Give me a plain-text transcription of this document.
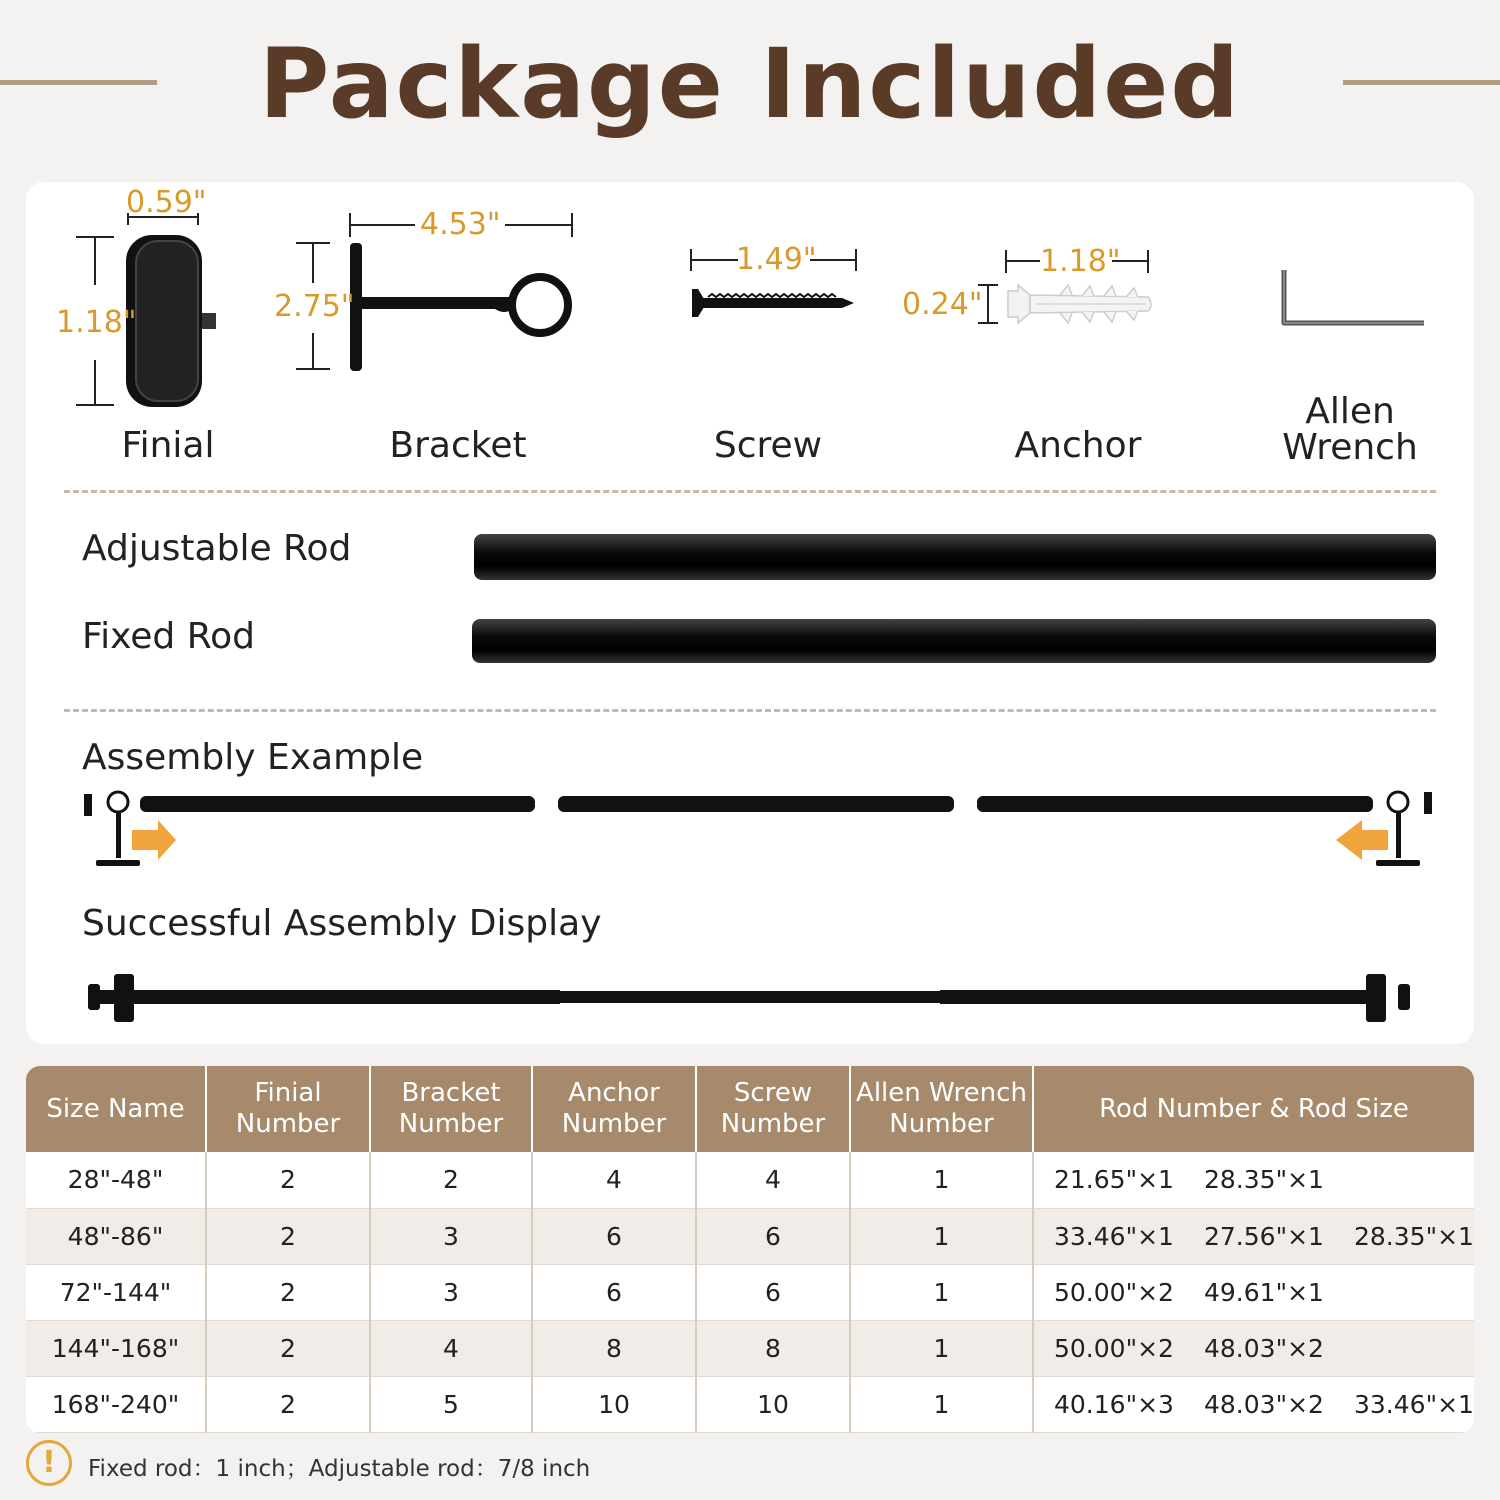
Package Included
0.59"
1.18"
Finial
4.53"
2.75"
Bracket
1.49"
Screw
1.18"
0.24"
Anchor
Allen Wrench
Adjustable Rod
Fixed Rod
Assembly Example
Successful Assembly Display
Size Name	Finial Number	Bracket Number	Anchor Number	Screw Number	Allen Wrench Number	Rod Number & Rod Size
28"-48"	2	2	4	4	1	21.65"×1 28.35"×1
48"-86"	2	3	6	6	1	33.46"×1 27.56"×1 28.35"×1
72"-144"	2	3	6	6	1	50.00"×2 49.61"×1
144"-168"	2	4	8	8	1	50.00"×2 48.03"×2
168"-240"	2	5	10	10	1	40.16"×3 48.03"×2 33.46"×1
!	Fixed rod：1 inch；Adjustable rod：7/8 inch
